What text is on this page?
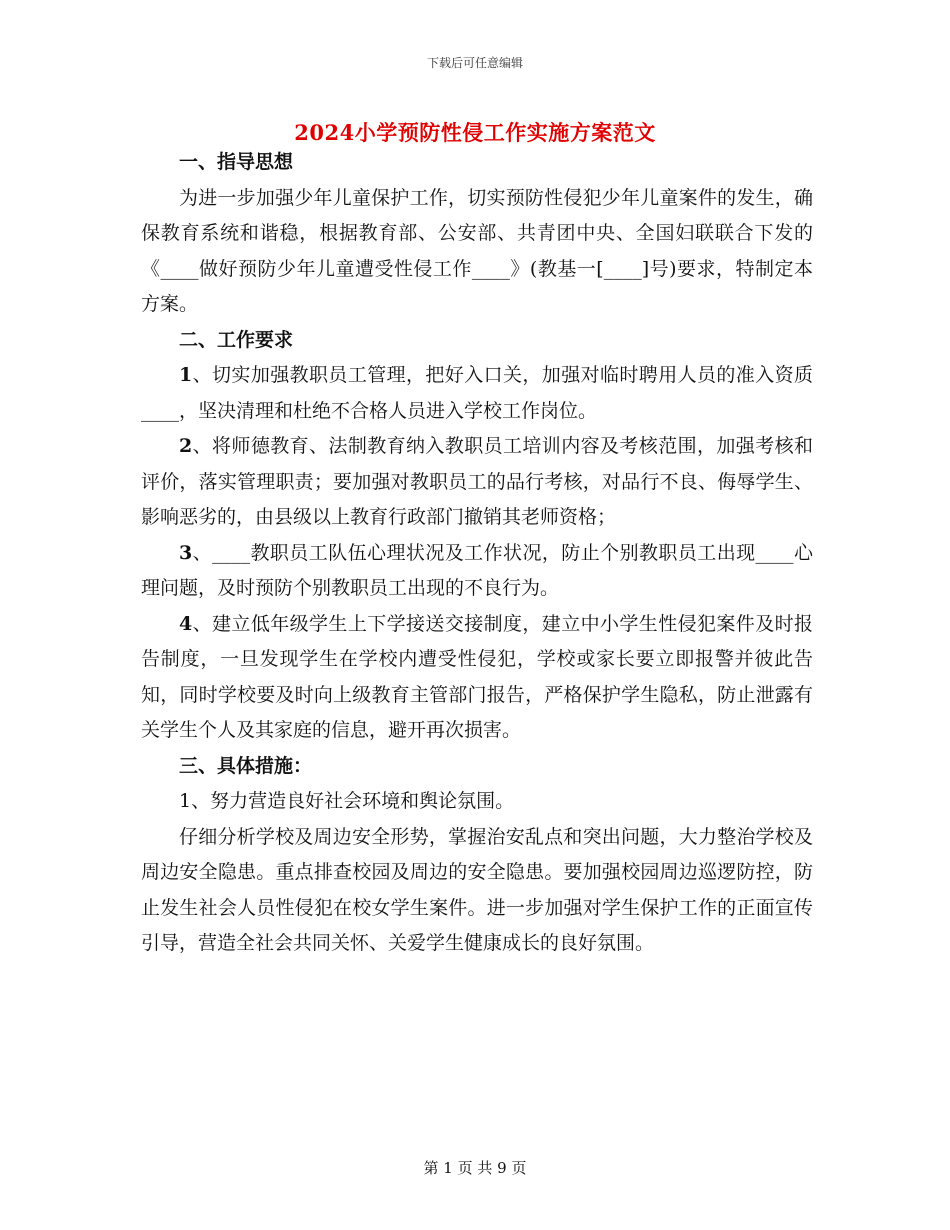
下载后可任意编辑
2024小学预防性侵工作实施方案范文

一、指导思想

为进一步加强少年儿童保护工作，切实预防性侵犯少年儿童案件的发生，确保教育系统和谐稳，根据教育部、公安部、共青团中央、全国妇联联合下发的《____做好预防少年儿童遭受性侵工作____》(教基一[____]号)要求，特制定本方案。

二、工作要求

1、切实加强教职员工管理，把好入口关，加强对临时聘用人员的准入资质____，坚决清理和杜绝不合格人员进入学校工作岗位。

2、将师德教育、法制教育纳入教职员工培训内容及考核范围，加强考核和评价，落实管理职责；要加强对教职员工的品行考核，对品行不良、侮辱学生、影响恶劣的，由县级以上教育行政部门撤销其老师资格；

3、____教职员工队伍心理状况及工作状况，防止个别教职员工出现____心理问题，及时预防个别教职员工出现的不良行为。

4、建立低年级学生上下学接送交接制度，建立中小学生性侵犯案件及时报告制度，一旦发现学生在学校内遭受性侵犯，学校或家长要立即报警并彼此告知，同时学校要及时向上级教育主管部门报告，严格保护学生隐私，防止泄露有关学生个人及其家庭的信息，避开再次损害。

三、具体措施：

1、努力营造良好社会环境和舆论氛围。

仔细分析学校及周边安全形势，掌握治安乱点和突出问题，大力整治学校及周边安全隐患。重点排查校园及周边的安全隐患。要加强校园周边巡逻防控，防止发生社会人员性侵犯在校女学生案件。进一步加强对学生保护工作的正面宣传引导，营造全社会共同关怀、关爱学生健康成长的良好氛围。

第 1 页 共 9 页
